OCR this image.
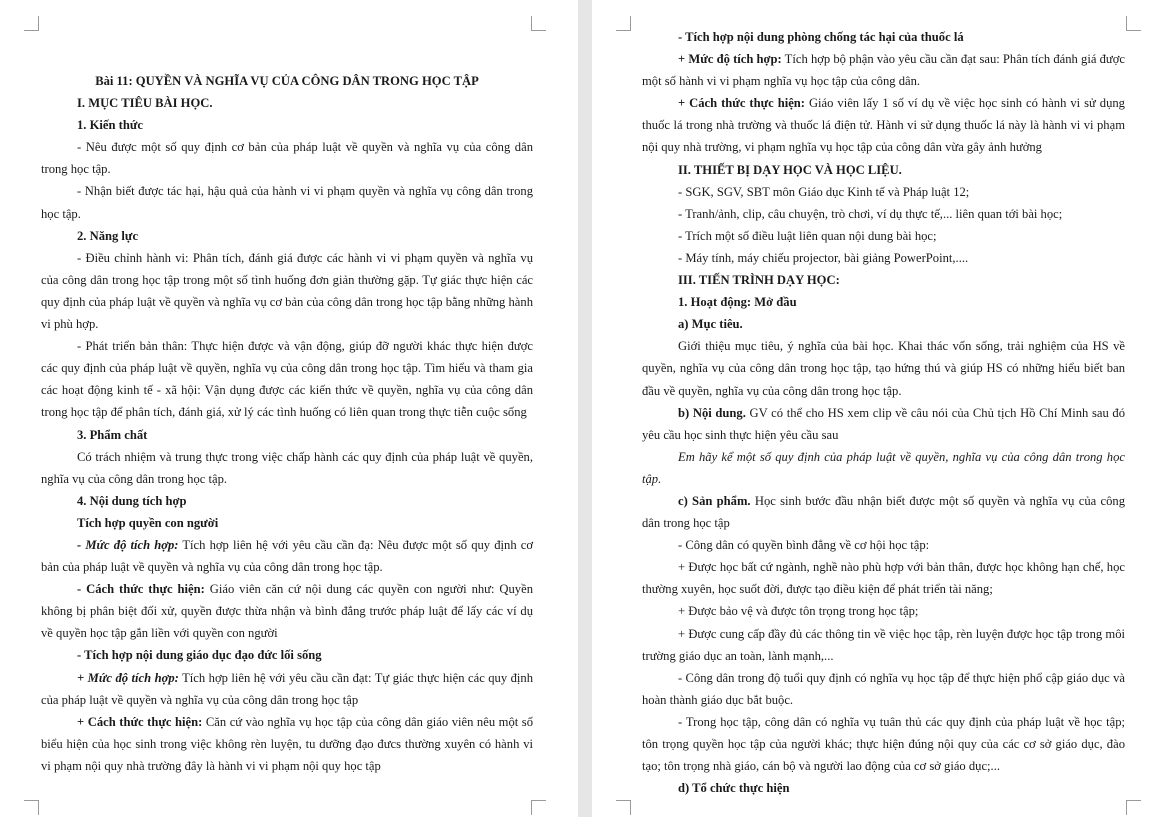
Bài 11: QUYỀN VÀ NGHĨA VỤ CỦA CÔNG DÂN TRONG HỌC TẬP

I. MỤC TIÊU BÀI HỌC.

1. Kiến thức

- Nêu được một số quy định cơ bản của pháp luật về quyền và nghĩa vụ của công dân trong học tập.

- Nhận biết được tác hại, hậu quả của hành vi vi phạm quyền và nghĩa vụ công dân trong học tập.

2. Năng lực

- Điều chỉnh hành vi: Phân tích, đánh giá được các hành vi vi phạm quyền và nghĩa vụ của công dân trong học tập trong một số tình huống đơn giản thường gặp. Tự giác thực hiện các quy định của pháp luật về quyền và nghĩa vụ cơ bản của công dân trong học tập bằng những hành vi phù hợp.

- Phát triển bản thân: Thực hiện được và vận động, giúp đỡ người khác thực hiện được các quy định của pháp luật về quyền, nghĩa vụ của công dân trong học tập. Tìm hiểu và tham gia các hoạt động kinh tế - xã hội: Vận dụng được các kiến thức về quyền, nghĩa vụ của công dân trong học tập để phân tích, đánh giá, xử lý các tình huống có liên quan trong thực tiễn cuộc sống

3. Phẩm chất

Có trách nhiệm và trung thực trong việc chấp hành các quy định của pháp luật về quyền, nghĩa vụ của công dân trong học tập.

4. Nội dung tích hợp

Tích hợp quyền con người

- Mức độ tích hợp: Tích hợp liên hệ với yêu cầu cần đạ: Nêu được một số quy định cơ bản của pháp luật về quyền và nghĩa vụ của công dân trong học tập.

- Cách thức thực hiện: Giáo viên căn cứ nội dung các quyền con người như: Quyền không bị phân biệt đối xử, quyền được thừa nhận và bình đẳng trước pháp luật để lấy các ví dụ về quyền học tập gắn liền với quyền con người

- Tích hợp nội dung giáo dục đạo đức lối sống

+ Mức độ tích hợp: Tích hợp liên hệ với yêu cầu cần đạt: Tự giác thực hiện các quy định của pháp luật về quyền và nghĩa vụ của công dân trong học tập

+ Cách thức thực hiện: Căn cứ vào nghĩa vụ học tập của công dân giáo viên nêu một số biểu hiện của học sinh trong việc không rèn luyện, tu dưỡng đạo đưcs thường xuyên có hành vi vi phạm nội quy nhà trường đây là hành vi vi phạm nội quy học tập

- Tích hợp nội dung phòng chống tác hại của thuốc lá

+ Mức độ tích hợp: Tích hợp bộ phận vào yêu cầu cần đạt sau: Phân tích đánh giá được một số hành vi vi phạm nghĩa vụ học tập của công dân.

+ Cách thức thực hiện: Giáo viên lấy 1 số ví dụ về việc học sinh có hành vi sử dụng thuốc lá trong nhà trường và thuốc lá điện tử. Hành vi sử dụng thuốc lá này là hành vi vi phạm nội quy nhà trường, vi phạm nghĩa vụ học tập của công dân vừa gây ảnh hưởng

II. THIẾT BỊ DẠY HỌC VÀ HỌC LIỆU.

- SGK, SGV, SBT môn Giáo dục Kinh tế và Pháp luật 12;

- Tranh/ảnh, clip, câu chuyện, trò chơi, ví dụ thực tế,... liên quan tới bài học;

- Trích một số điều luật liên quan nội dung bài học;

- Máy tính, máy chiếu projector, bài giảng PowerPoint,....

III. TIẾN TRÌNH DẠY HỌC:

1. Hoạt động: Mở đầu

a) Mục tiêu.

Giới thiệu mục tiêu, ý nghĩa của bài học. Khai thác vốn sống, trải nghiệm của HS về quyền, nghĩa vụ của công dân trong học tập, tạo hứng thú và giúp HS có những hiểu biết ban đầu về quyền, nghĩa vụ của công dân trong học tập.

b) Nội dung. GV có thể cho HS xem clip về câu nói của Chủ tịch Hồ Chí Minh sau đó yêu cầu học sinh thực hiện yêu cầu sau

Em hãy kể một số quy định của pháp luật về quyền, nghĩa vụ của công dân trong học tập.

c) Sản phẩm. Học sinh bước đầu nhận biết được một số quyền và nghĩa vụ của công dân trong học tập

- Công dân có quyền bình đẳng về cơ hội học tập:

+ Được học bất cứ ngành, nghề nào phù hợp với bản thân, được học không hạn chế, học thường xuyên, học suốt đời, được tạo điều kiện để phát triển tài năng;

+ Được bảo vệ và được tôn trọng trong học tập;

+ Được cung cấp đầy đủ các thông tin về việc học tập, rèn luyện được học tập trong môi trường giáo dục an toàn, lành mạnh,...

- Công dân trong độ tuổi quy định có nghĩa vụ học tập để thực hiện phổ cập giáo dục và hoàn thành giáo dục bắt buộc.

- Trong học tập, công dân có nghĩa vụ tuân thủ các quy định của pháp luật về học tập; tôn trọng quyền học tập của người khác; thực hiện đúng nội quy của các cơ sở giáo dục, đào tạo; tôn trọng nhà giáo, cán bộ và người lao động của cơ sở giáo dục;...

d) Tổ chức thực hiện
